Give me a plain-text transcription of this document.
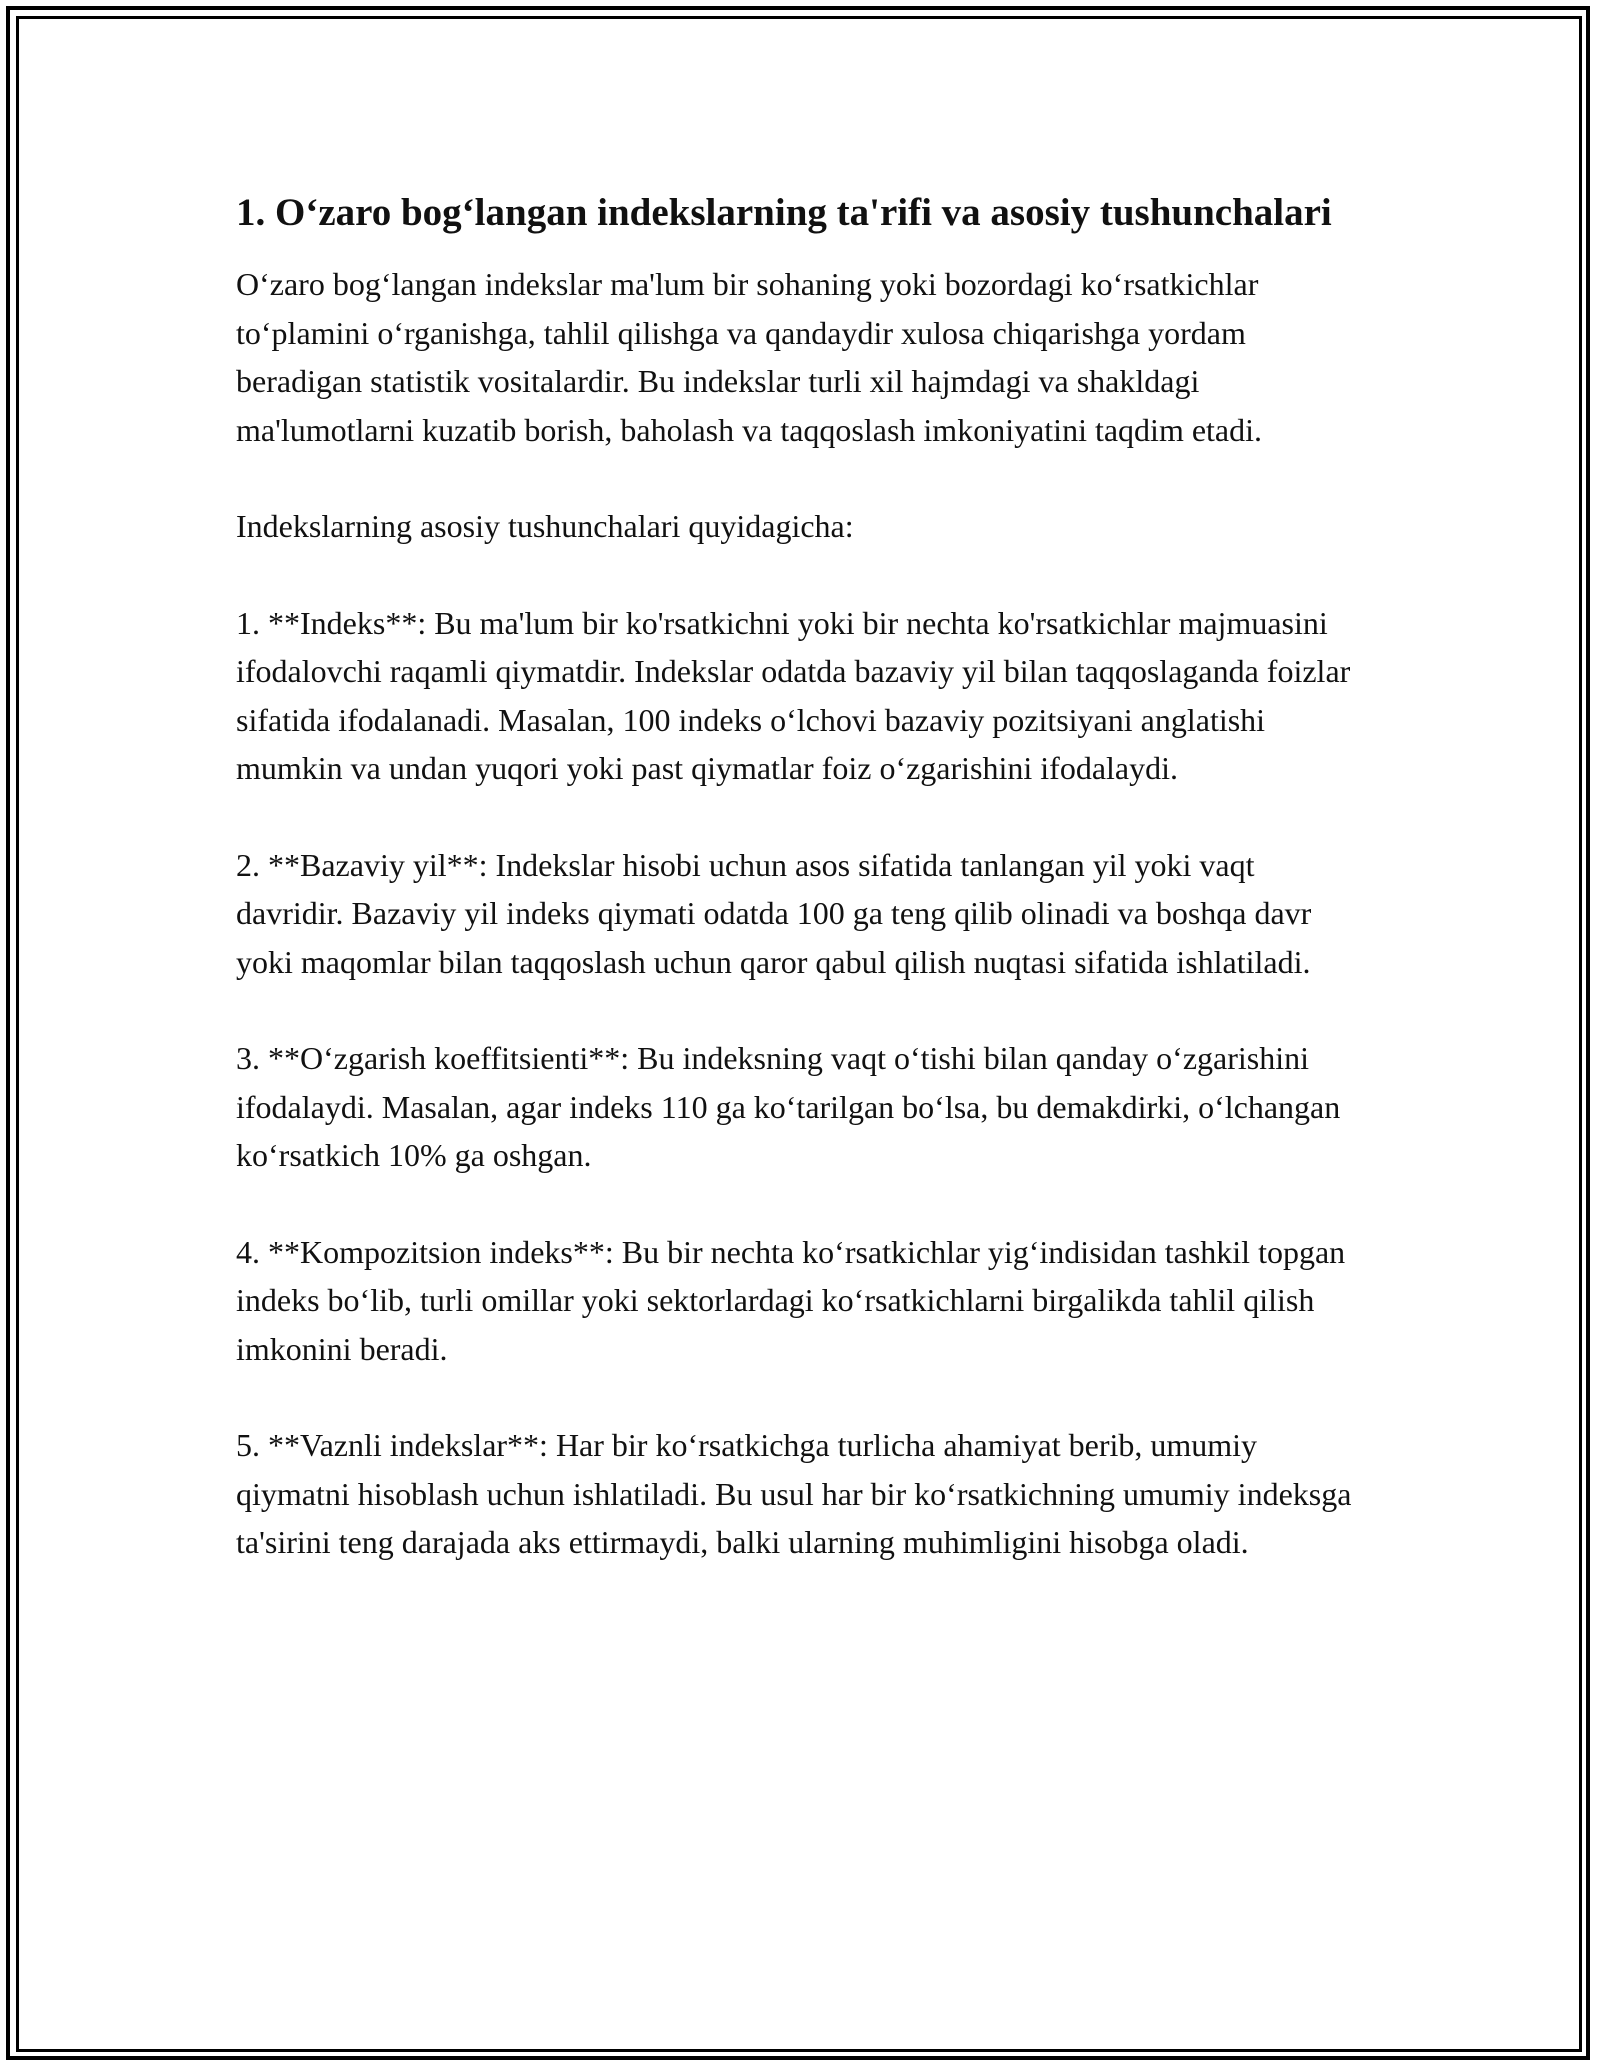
1. O‘zaro bog‘langan indekslarning ta'rifi va asosiy tushunchalari

O‘zaro bog‘langan indekslar ma'lum bir sohaning yoki bozordagi ko‘rsatkichlar to‘plamini o‘rganishga, tahlil qilishga va qandaydir xulosa chiqarishga yordam beradigan statistik vositalardir. Bu indekslar turli xil hajmdagi va shakldagi ma'lumotlarni kuzatib borish, baholash va taqqoslash imkoniyatini taqdim etadi.

Indekslarning asosiy tushunchalari quyidagicha:

1. **Indeks**: Bu ma'lum bir ko'rsatkichni yoki bir nechta ko'rsatkichlar majmuasini ifodalovchi raqamli qiymatdir. Indekslar odatda bazaviy yil bilan taqqoslaganda foizlar sifatida ifodalanadi. Masalan, 100 indeks o‘lchovi bazaviy pozitsiyani anglatishi mumkin va undan yuqori yoki past qiymatlar foiz o‘zgarishini ifodalaydi.

2. **Bazaviy yil**: Indekslar hisobi uchun asos sifatida tanlangan yil yoki vaqt davridir. Bazaviy yil indeks qiymati odatda 100 ga teng qilib olinadi va boshqa davr yoki maqomlar bilan taqqoslash uchun qaror qabul qilish nuqtasi sifatida ishlatiladi.

3. **O‘zgarish koeffitsienti**: Bu indeksning vaqt o‘tishi bilan qanday o‘zgarishini ifodalaydi. Masalan, agar indeks 110 ga ko‘tarilgan bo‘lsa, bu demakdirki, o‘lchangan ko‘rsatkich 10% ga oshgan.

4. **Kompozitsion indeks**: Bu bir nechta ko‘rsatkichlar yig‘indisidan tashkil topgan indeks bo‘lib, turli omillar yoki sektorlardagi ko‘rsatkichlarni birgalikda tahlil qilish imkonini beradi.

5. **Vaznli indekslar**: Har bir ko‘rsatkichga turlicha ahamiyat berib, umumiy qiymatni hisoblash uchun ishlatiladi. Bu usul har bir ko‘rsatkichning umumiy indeksga ta'sirini teng darajada aks ettirmaydi, balki ularning muhimligini hisobga oladi.
